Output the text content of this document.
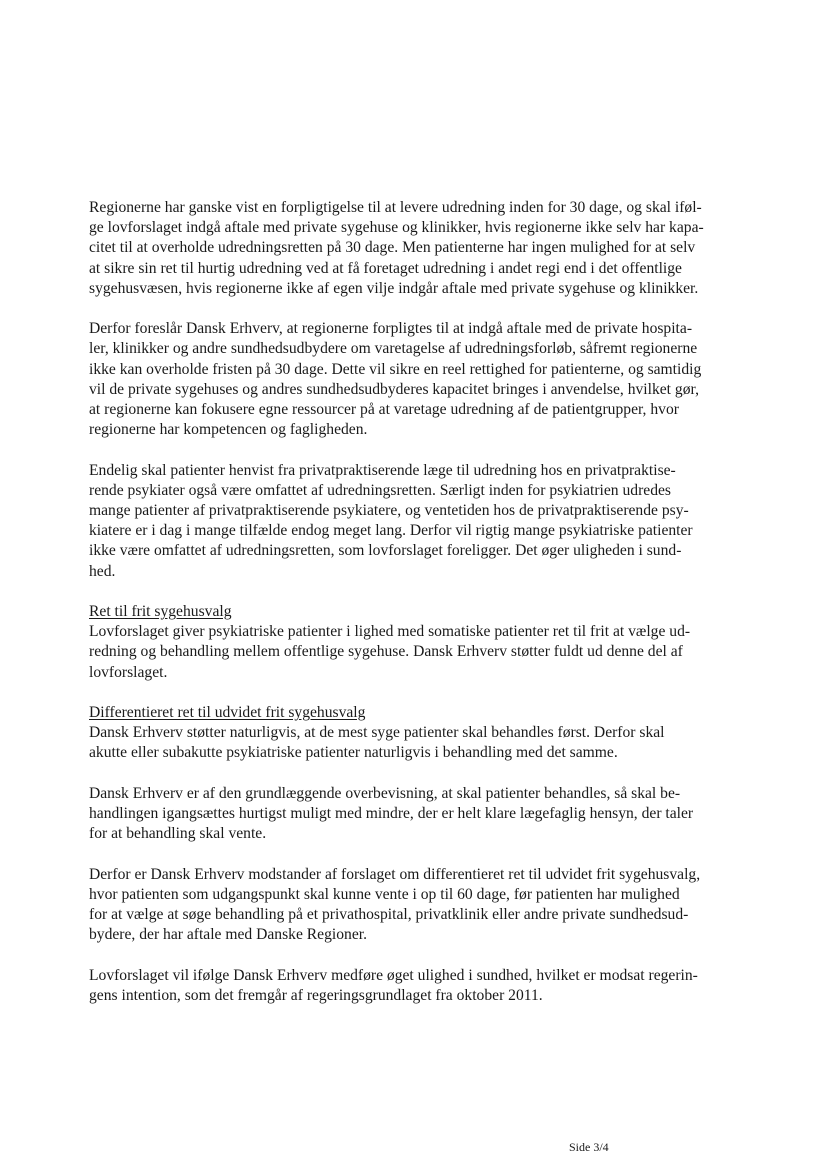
Regionerne har ganske vist en forpligtigelse til at levere udredning inden for 30 dage, og skal iføl-
ge lovforslaget indgå aftale med private sygehuse og klinikker, hvis regionerne ikke selv har kapa-
citet til at overholde udredningsretten på 30 dage. Men patienterne har ingen mulighed for at selv
at sikre sin ret til hurtig udredning ved at få foretaget udredning i andet regi end i det offentlige
sygehusvæsen, hvis regionerne ikke af egen vilje indgår aftale med private sygehuse og klinikker.

Derfor foreslår Dansk Erhverv, at regionerne forpligtes til at indgå aftale med de private hospita-
ler, klinikker og andre sundhedsudbydere om varetagelse af udredningsforløb, såfremt regionerne
ikke kan overholde fristen på 30 dage. Dette vil sikre en reel rettighed for patienterne, og samtidig
vil de private sygehuses og andres sundhedsudbyderes kapacitet bringes i anvendelse, hvilket gør,
at regionerne kan fokusere egne ressourcer på at varetage udredning af de patientgrupper, hvor
regionerne har kompetencen og fagligheden.

Endelig skal patienter henvist fra privatpraktiserende læge til udredning hos en privatpraktise-
rende psykiater også være omfattet af udredningsretten. Særligt inden for psykiatrien udredes
mange patienter af privatpraktiserende psykiatere, og ventetiden hos de privatpraktiserende psy-
kiatere er i dag i mange tilfælde endog meget lang. Derfor vil rigtig mange psykiatriske patienter
ikke være omfattet af udredningsretten, som lovforslaget foreligger. Det øger uligheden i sund-
hed.

Ret til frit sygehusvalg
Lovforslaget giver psykiatriske patienter i lighed med somatiske patienter ret til frit at vælge ud-
redning og behandling mellem offentlige sygehuse. Dansk Erhverv støtter fuldt ud denne del af
lovforslaget.

Differentieret ret til udvidet frit sygehusvalg
Dansk Erhverv støtter naturligvis, at de mest syge patienter skal behandles først. Derfor skal
akutte eller subakutte psykiatriske patienter naturligvis i behandling med det samme.

Dansk Erhverv er af den grundlæggende overbevisning, at skal patienter behandles, så skal be-
handlingen igangsættes hurtigst muligt med mindre, der er helt klare lægefaglig hensyn, der taler
for at behandling skal vente.

Derfor er Dansk Erhverv modstander af forslaget om differentieret ret til udvidet frit sygehusvalg,
hvor patienten som udgangspunkt skal kunne vente i op til 60 dage, før patienten har mulighed
for at vælge at søge behandling på et privathospital, privatklinik eller andre private sundhedsud-
bydere, der har aftale med Danske Regioner.

Lovforslaget vil ifølge Dansk Erhverv medføre øget ulighed i sundhed, hvilket er modsat regerin-
gens intention, som det fremgår af regeringsgrundlaget fra oktober 2011.

Side 3/4
